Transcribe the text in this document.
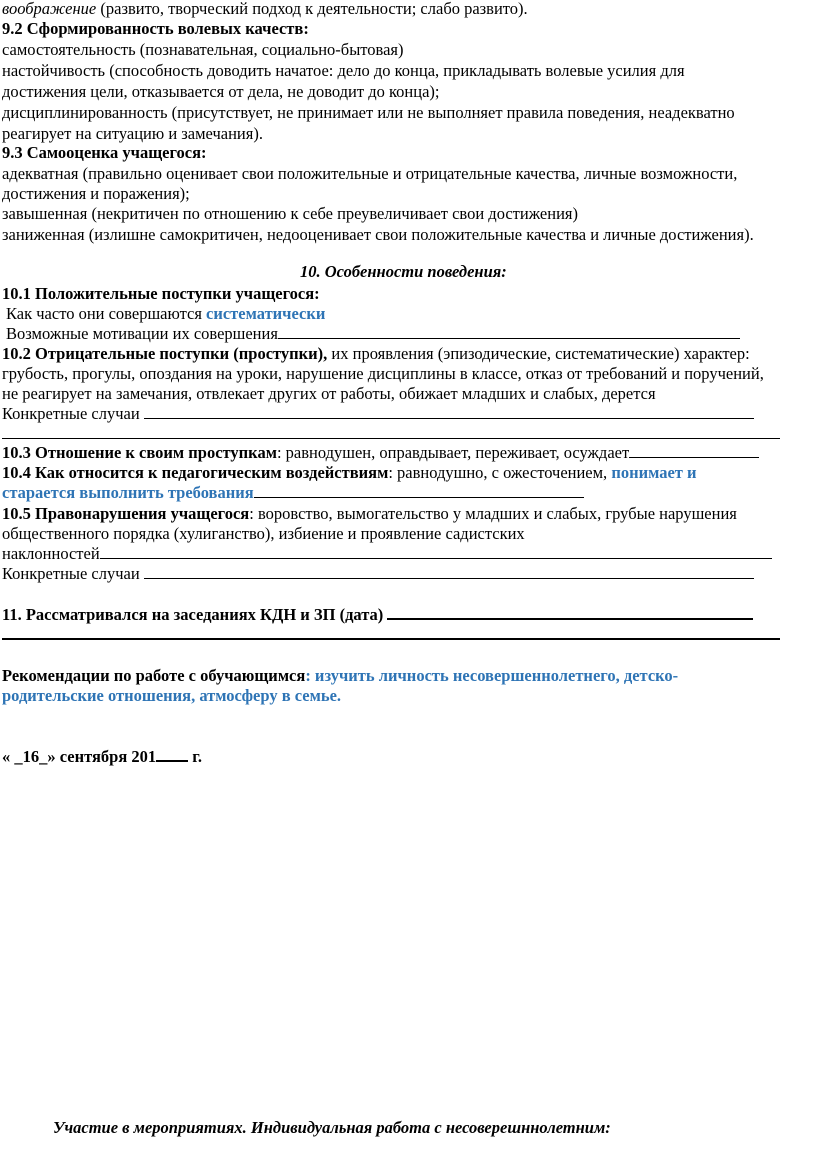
воображение (развито, творческий подход к деятельности; слабо развито).
9.2 Сформированность волевых качеств:
самостоятельность (познавательная, социально-бытовая)
настойчивость (способность доводить начатое: дело до конца, прикладывать волевые усилия для
достижения цели, отказывается от дела, не доводит до конца);
дисциплинированность (присутствует, не принимает или не выполняет правила поведения, неадекватно
реагирует на ситуацию и замечания).
9.3 Самооценка учащегося:
адекватная (правильно оценивает свои положительные и отрицательные качества, личные возможности,
достижения и поражения);
завышенная (некритичен по отношению к себе преувеличивает свои достижения)
заниженная (излишне самокритичен, недооценивает свои положительные качества и личные достижения).
10. Особенности поведения:
10.1 Положительные поступки учащегося:
Как часто они совершаются систематически
Возможные мотивации их совершения
10.2 Отрицательные поступки (проступки), их проявления (эпизодические, систематические) характер:
грубость, прогулы, опоздания на уроки, нарушение дисциплины в классе, отказ от требований и поручений,
не реагирует на замечания, отвлекает других от работы, обижает младших и слабых, дерется
Конкретные случаи
10.3 Отношение к своим проступкам: равнодушен, оправдывает, переживает, осуждает
10.4 Как относится к педагогическим воздействиям: равнодушно, с ожесточением, понимает и
старается выполнить требования
10.5 Правонарушения учащегося: воровство, вымогательство у младших и слабых, грубые нарушения
общественного порядка (хулиганство), избиение и проявление садистских
наклонностей
Конкретные случаи
11. Рассматривался на заседаниях КДН и ЗП (дата)
Рекомендации по работе с обучающимся: изучить личность несовершеннолетнего, детско-
родительские отношения, атмосферу в семье.
« _16_» сентября 201 г.
Участие в мероприятиях. Индивидуальная работа с несоверешннолетним:
